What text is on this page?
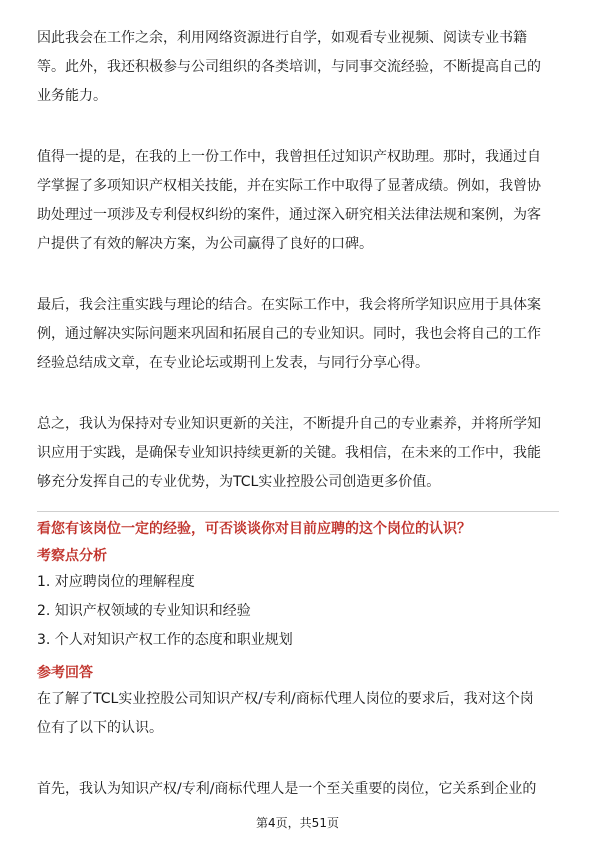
因此我会在工作之余，利用网络资源进行自学，如观看专业视频、阅读专业书籍

等。此外，我还积极参与公司组织的各类培训，与同事交流经验，不断提高自己的

业务能力。

值得一提的是，在我的上一份工作中，我曾担任过知识产权助理。那时，我通过自

学掌握了多项知识产权相关技能，并在实际工作中取得了显著成绩。例如，我曾协

助处理过一项涉及专利侵权纠纷的案件，通过深入研究相关法律法规和案例，为客

户提供了有效的解决方案，为公司赢得了良好的口碑。

最后，我会注重实践与理论的结合。在实际工作中，我会将所学知识应用于具体案

例，通过解决实际问题来巩固和拓展自己的专业知识。同时，我也会将自己的工作

经验总结成文章，在专业论坛或期刊上发表，与同行分享心得。

总之，我认为保持对专业知识更新的关注，不断提升自己的专业素养，并将所学知

识应用于实践，是确保专业知识持续更新的关键。我相信，在未来的工作中，我能

够充分发挥自己的专业优势，为TCL实业控股公司创造更多价值。

看您有该岗位一定的经验，可否谈谈你对目前应聘的这个岗位的认识？

考察点分析

1. 对应聘岗位的理解程度

2. 知识产权领域的专业知识和经验

3. 个人对知识产权工作的态度和职业规划

参考回答

在了解了TCL实业控股公司知识产权/专利/商标代理人岗位的要求后，我对这个岗

位有了以下的认识。

首先，我认为知识产权/专利/商标代理人是一个至关重要的岗位，它关系到企业的

第4页，共51页
